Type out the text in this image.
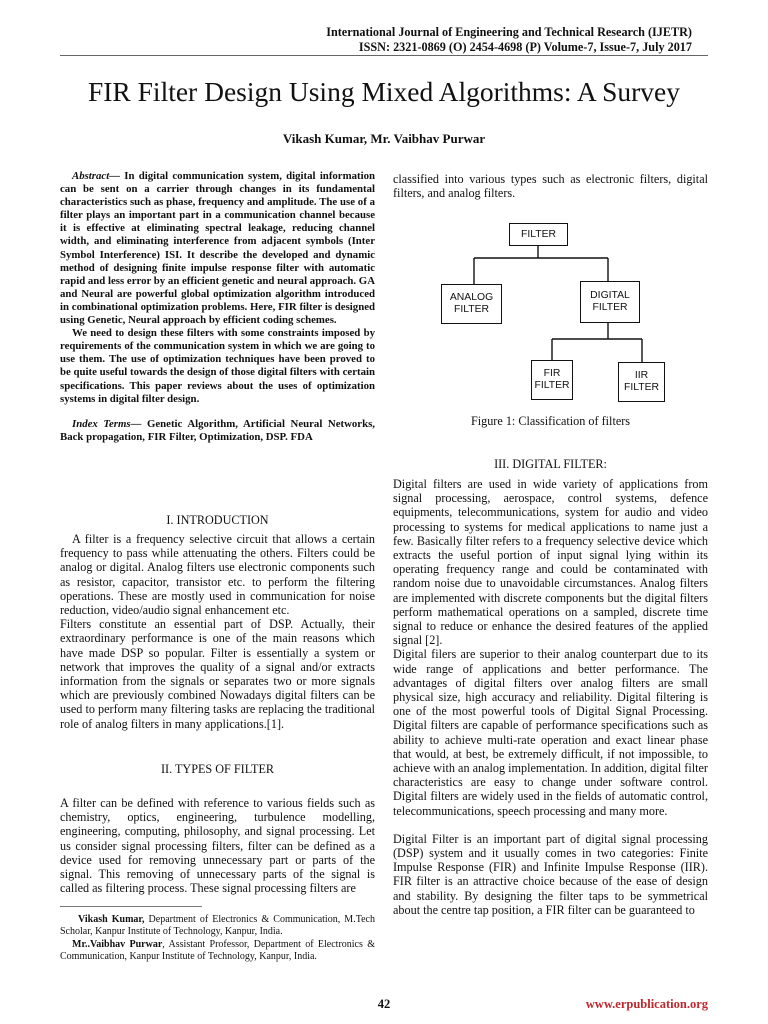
International Journal of Engineering and Technical Research (IJETR)
ISSN: 2321-0869 (O) 2454-4698 (P) Volume-7, Issue-7, July 2017
FIR Filter Design Using Mixed Algorithms: A Survey
Vikash Kumar, Mr. Vaibhav Purwar

Abstract— In digital communication system, digital information can be sent on a carrier through changes in its fundamental characteristics such as phase, frequency and amplitude. The use of a filter plays an important part in a communication channel because it is effective at eliminating spectral leakage, reducing channel width, and eliminating interference from adjacent symbols (Inter Symbol Interference) ISI. It describe the developed and dynamic method of designing finite impulse response filter with automatic rapid and less error by an efficient genetic and neural approach. GA and Neural are powerful global optimization algorithm introduced in combinational optimization problems. Here, FIR filter is designed using Genetic, Neural approach by efficient coding schemes.

We need to design these filters with some constraints imposed by requirements of the communication system in which we are going to use them. The use of optimization techniques have been proved to be quite useful towards the design of those digital filters with certain specifications. This paper reviews about the uses of optimization systems in digital filter design.

Index Terms— Genetic Algorithm, Artificial Neural Networks, Back propagation, FIR Filter, Optimization, DSP. FDA

I. INTRODUCTION

A filter is a frequency selective circuit that allows a certain frequency to pass while attenuating the others. Filters could be analog or digital. Analog filters use electronic components such as resistor, capacitor, transistor etc. to perform the filtering operations. These are mostly used in communication for noise reduction, video/audio signal enhancement etc.

Filters constitute an essential part of DSP. Actually, their extraordinary performance is one of the main reasons which have made DSP so popular. Filter is essentially a system or network that improves the quality of a signal and/or extracts information from the signals or separates two or more signals which are previously combined Nowadays digital filters can be used to perform many filtering tasks are replacing the traditional role of analog filters in many applications.[1].

II. TYPES OF FILTER

A filter can be defined with reference to various fields such as chemistry, optics, engineering, turbulence modelling, engineering, computing, philosophy, and signal processing. Let us consider signal processing filters, filter can be defined as a device used for removing unnecessary part or parts of the signal. This removing of unnecessary parts of the signal is called as filtering process. These signal processing filters are

Vikash Kumar, Department of Electronics & Communication, M.Tech Scholar, Kanpur Institute of Technology, Kanpur, India.

Mr..Vaibhav Purwar, Assistant Professor, Department of Electronics & Communication, Kanpur Institute of Technology, Kanpur, India.

classified into various types such as electronic filters, digital filters, and analog filters.
FILTER
ANALOG
FILTER
DIGITAL
FILTER
FIR
FILTER
IIR
FILTER
Figure 1: Classification of filters
III. DIGITAL FILTER:

Digital filters are used in wide variety of applications from signal processing, aerospace, control systems, defence equipments, telecommunications, system for audio and video processing to systems for medical applications to name just a few. Basically filter refers to a frequency selective device which extracts the useful portion of input signal lying within its operating frequency range and could be contaminated with random noise due to unavoidable circumstances. Analog filters are implemented with discrete components but the digital filters perform mathematical operations on a sampled, discrete time signal to reduce or enhance the desired features of the applied signal [2].

Digital filers are superior to their analog counterpart due to its wide range of applications and better performance. The advantages of digital filters over analog filters are small physical size, high accuracy and reliability. Digital filtering is one of the most powerful tools of Digital Signal Processing. Digital filters are capable of performance specifications such as ability to achieve multi-rate operation and exact linear phase that would, at best, be extremely difficult, if not impossible, to achieve with an analog implementation. In addition, digital filter characteristics are easy to change under software control. Digital filters are widely used in the fields of automatic control, telecommunications, speech processing and many more.

Digital Filter is an important part of digital signal processing (DSP) system and it usually comes in two categories: Finite Impulse Response (FIR) and Infinite Impulse Response (IIR). FIR filter is an attractive choice because of the ease of design and stability. By designing the filter taps to be symmetrical about the centre tap position, a FIR filter can be guaranteed to

42	www.erpublication.org
